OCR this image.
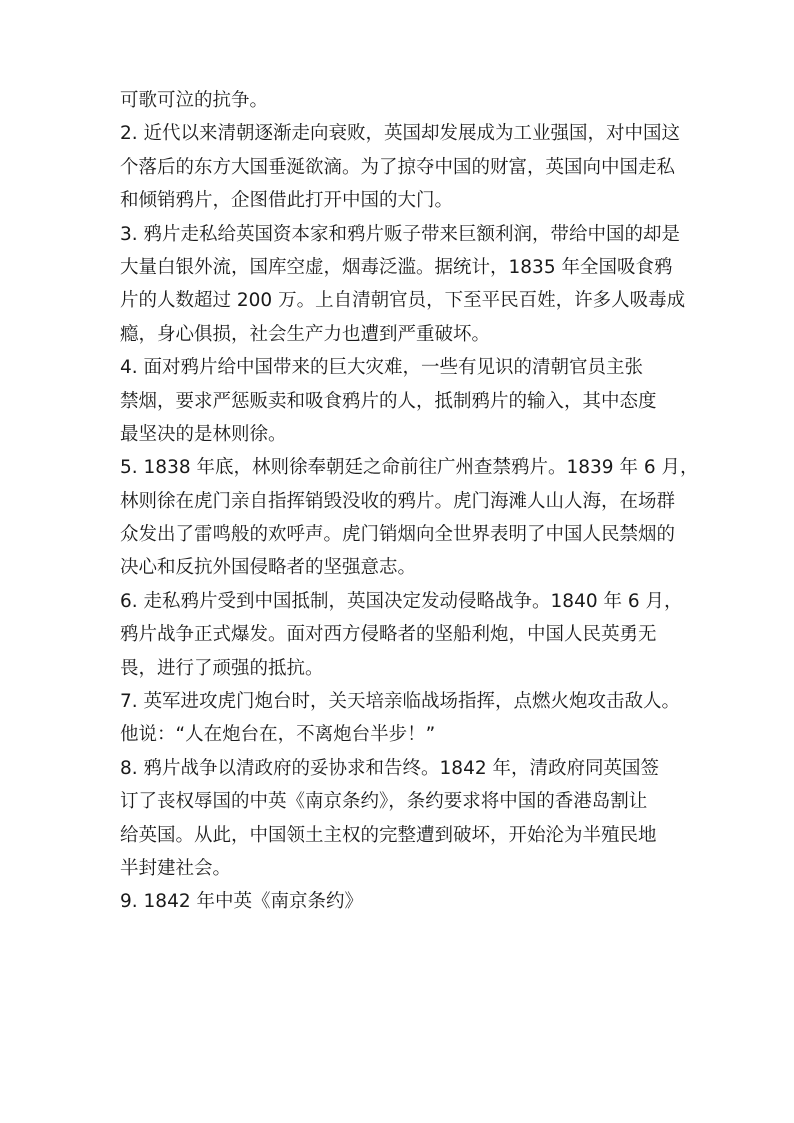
可歌可泣的抗争。
2. 近代以来清朝逐渐走向衰败，英国却发展成为工业强国，对中国这
个落后的东方大国垂涎欲滴。为了掠夺中国的财富，英国向中国走私
和倾销鸦片，企图借此打开中国的大门。
3. 鸦片走私给英国资本家和鸦片贩子带来巨额利润，带给中国的却是
大量白银外流，国库空虚，烟毒泛滥。据统计，1835 年全国吸食鸦
片的人数超过 200 万。上自清朝官员，下至平民百姓，许多人吸毒成
瘾，身心俱损，社会生产力也遭到严重破坏。
4. 面对鸦片给中国带来的巨大灾难，一些有见识的清朝官员主张
禁烟，要求严惩贩卖和吸食鸦片的人，抵制鸦片的输入，其中态度
最坚决的是林则徐。
5. 1838 年底，林则徐奉朝廷之命前往广州查禁鸦片。1839 年 6 月，
林则徐在虎门亲自指挥销毁没收的鸦片。虎门海滩人山人海，在场群
众发出了雷鸣般的欢呼声。虎门销烟向全世界表明了中国人民禁烟的
决心和反抗外国侵略者的坚强意志。
6. 走私鸦片受到中国抵制，英国决定发动侵略战争。1840 年 6 月，
鸦片战争正式爆发。面对西方侵略者的坚船利炮，中国人民英勇无
畏，进行了顽强的抵抗。
7. 英军进攻虎门炮台时，关天培亲临战场指挥，点燃火炮攻击敌人。
他说：“人在炮台在，不离炮台半步！”
8. 鸦片战争以清政府的妥协求和告终。1842 年，清政府同英国签
订了丧权辱国的中英《南京条约》，条约要求将中国的香港岛割让
给英国。从此，中国领土主权的完整遭到破坏，开始沦为半殖民地
半封建社会。
9. 1842 年中英《南京条约》
